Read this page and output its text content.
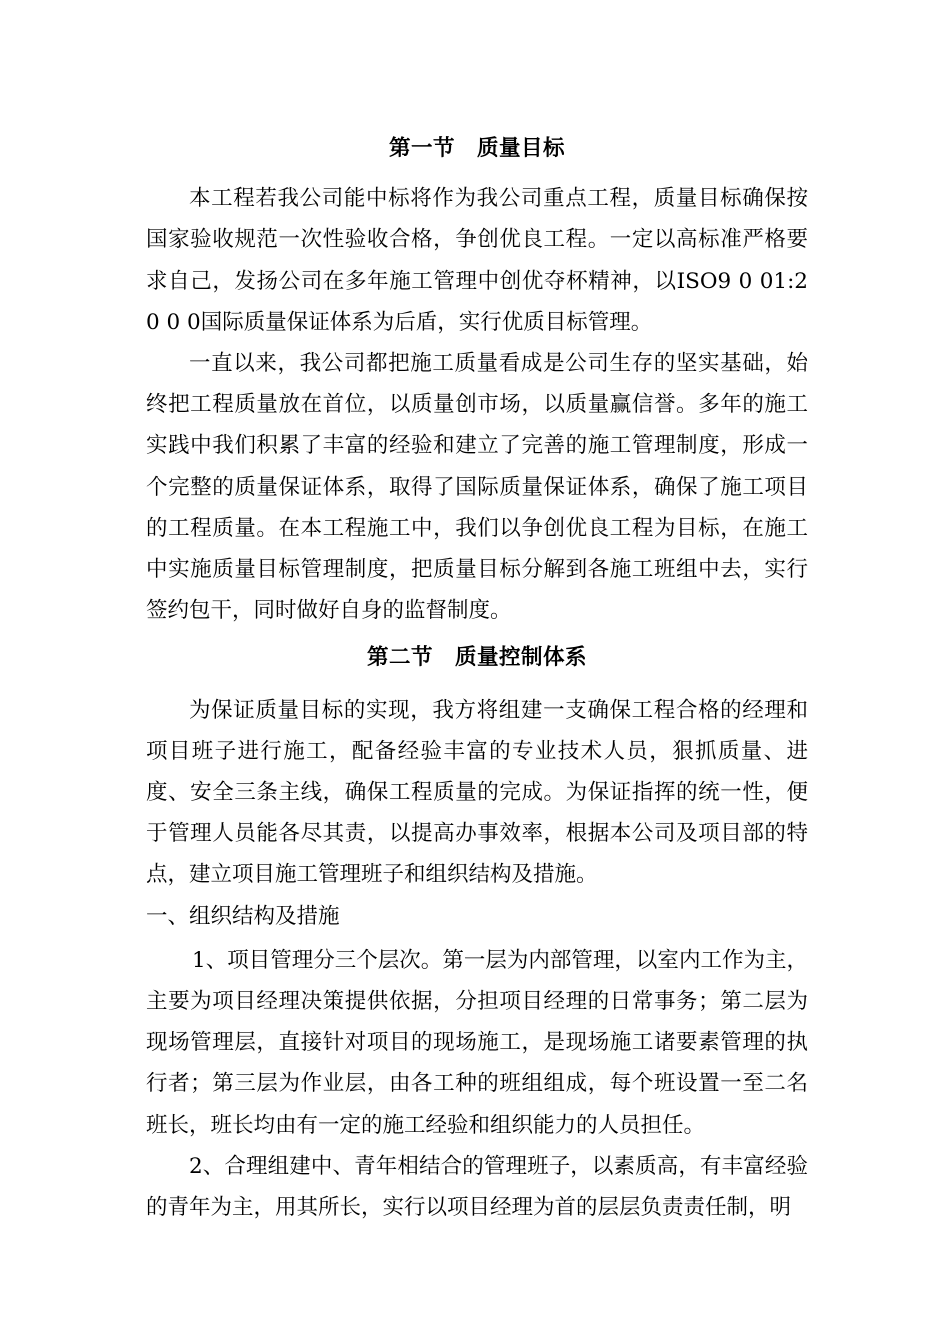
第一节 质量目标

本工程若我公司能中标将作为我公司重点工程，质量目标确保按国家验收规范一次性验收合格，争创优良工程。一定以高标准严格要求自己，发扬公司在多年施工管理中创优夺杯精神，以ISO9 0 01:2 0 0 0国际质量保证体系为后盾，实行优质目标管理。

一直以来，我公司都把施工质量看成是公司生存的坚实基础，始终把工程质量放在首位，以质量创市场，以质量赢信誉。多年的施工实践中我们积累了丰富的经验和建立了完善的施工管理制度，形成一个完整的质量保证体系，取得了国际质量保证体系，确保了施工项目的工程质量。在本工程施工中，我们以争创优良工程为目标，在施工中实施质量目标管理制度，把质量目标分解到各施工班组中去，实行签约包干，同时做好自身的监督制度。

第二节 质量控制体系

为保证质量目标的实现，我方将组建一支确保工程合格的经理和项目班子进行施工，配备经验丰富的专业技术人员，狠抓质量、进度、安全三条主线，确保工程质量的完成。为保证指挥的统一性，便于管理人员能各尽其责，以提高办事效率，根据本公司及项目部的特点，建立项目施工管理班子和组织结构及措施。

一、组织结构及措施

1、项目管理分三个层次。第一层为内部管理，以室内工作为主，主要为项目经理决策提供依据，分担项目经理的日常事务；第二层为现场管理层，直接针对项目的现场施工，是现场施工诸要素管理的执行者；第三层为作业层，由各工种的班组组成，每个班设置一至二名班长，班长均由有一定的施工经验和组织能力的人员担任。

2、合理组建中、青年相结合的管理班子，以素质高，有丰富经验的青年为主，用其所长，实行以项目经理为首的层层负责责任制，明
